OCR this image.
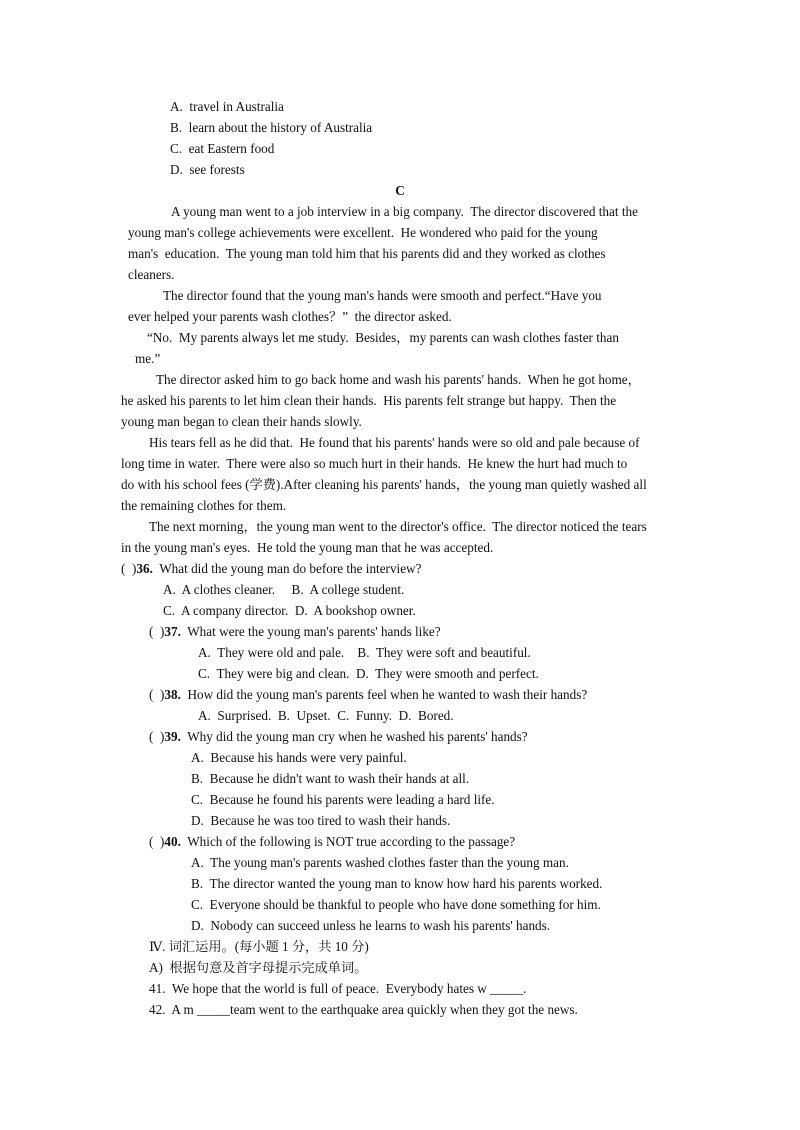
A.  travel in Australia
B.  learn about the history of Australia
C.  eat Eastern food
D.  see forests
C
A young man went to a job interview in a big company.  The director discovered that the
young man's college achievements were excellent.  He wondered who paid for the young
man's  education.  The young man told him that his parents did and they worked as clothes
cleaners.
The director found that the young man's hands were smooth and perfect.“Have you
ever helped your parents wash clothes？”  the director asked.
“No.  My parents always let me study.  Besides，my parents can wash clothes faster than
me.”
The director asked him to go back home and wash his parents' hands.  When he got home，
he asked his parents to let him clean their hands.  His parents felt strange but happy.  Then the
young man began to clean their hands slowly.
His tears fell as he did that.  He found that his parents' hands were so old and pale because of
long time in water.  There were also so much hurt in their hands.  He knew the hurt had much to
do with his school fees (学费).After cleaning his parents' hands，the young man quietly washed all
the remaining clothes for them.
The next morning，the young man went to the director's office.  The director noticed the tears
in the young man's eyes.  He told the young man that he was accepted.
(  )36. What did the young man do before the interview?
A.  A clothes cleaner.     B.  A college student.
C.  A company director.  D.  A bookshop owner.
(  )37. What were the young man's parents' hands like?
A.  They were old and pale.    B.  They were soft and beautiful.
C.  They were big and clean.  D.  They were smooth and perfect.
(  )38. How did the young man's parents feel when he wanted to wash their hands?
A.  Surprised.  B.  Upset.  C.  Funny.  D.  Bored.
(  )39. Why did the young man cry when he washed his parents' hands?
A.  Because his hands were very painful.
B.  Because he didn't want to wash their hands at all.
C.  Because he found his parents were leading a hard life.
D.  Because he was too tired to wash their hands.
(  )40. Which of the following is NOT true according to the passage?
A.  The young man's parents washed clothes faster than the young man.
B.  The director wanted the young man to know how hard his parents worked.
C.  Everyone should be thankful to people who have done something for him.
D.  Nobody can succeed unless he learns to wash his parents' hands.
Ⅳ. 词汇运用。(每小题 1 分，共 10 分)
A)  根据句意及首字母提示完成单词。
41.  We hope that the world is full of peace.  Everybody hates w _____.
42.  A m _____team went to the earthquake area quickly when they got the news.
